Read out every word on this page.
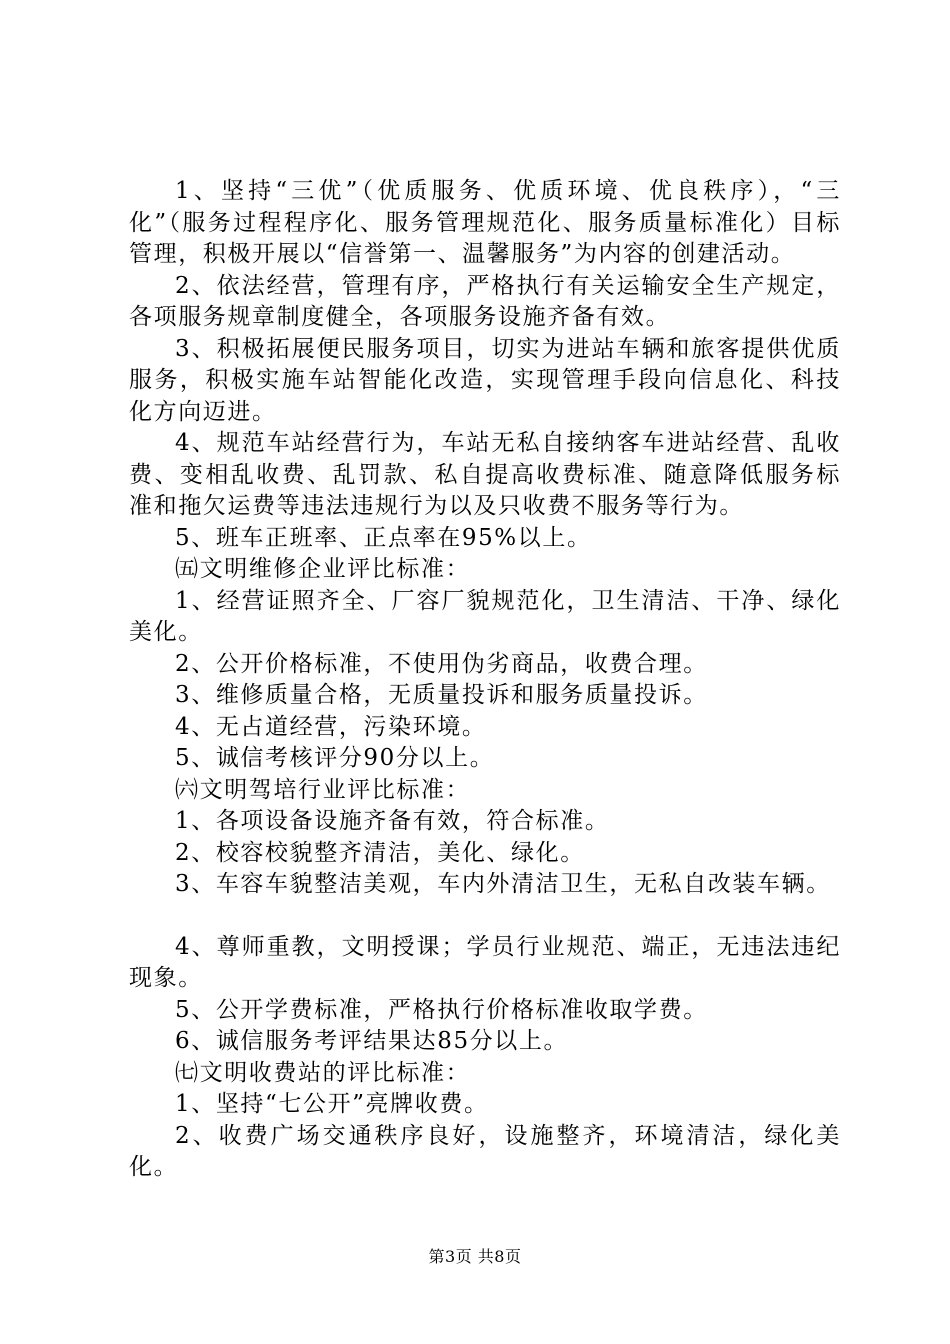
1、坚持“三优”（优质服务、优质环境、优良秩序），“三化”（服务过程程序化、服务管理规范化、服务质量标准化）目标管理，积极开展以“信誉第一、温馨服务”为内容的创建活动。

2、依法经营，管理有序，严格执行有关运输安全生产规定，各项服务规章制度健全，各项服务设施齐备有效。

3、积极拓展便民服务项目，切实为进站车辆和旅客提供优质服务，积极实施车站智能化改造，实现管理手段向信息化、科技化方向迈进。

4、规范车站经营行为，车站无私自接纳客车进站经营、乱收费、变相乱收费、乱罚款、私自提高收费标准、随意降低服务标准和拖欠运费等违法违规行为以及只收费不服务等行为。

5、班车正班率、正点率在95%以上。

㈤文明维修企业评比标准：

1、经营证照齐全、厂容厂貌规范化，卫生清洁、干净、绿化美化。

2、公开价格标准，不使用伪劣商品，收费合理。

3、维修质量合格，无质量投诉和服务质量投诉。

4、无占道经营，污染环境。

5、诚信考核评分90分以上。

㈥文明驾培行业评比标准：

1、各项设备设施齐备有效，符合标准。

2、校容校貌整齐清洁，美化、绿化。

3、车容车貌整洁美观，车内外清洁卫生，无私自改装车辆。

4、尊师重教，文明授课；学员行业规范、端正，无违法违纪现象。

5、公开学费标准，严格执行价格标准收取学费。

6、诚信服务考评结果达85分以上。

㈦文明收费站的评比标准：

1、坚持“七公开”亮牌收费。

2、收费广场交通秩序良好，设施整齐，环境清洁，绿化美化。

第3页 共8页
